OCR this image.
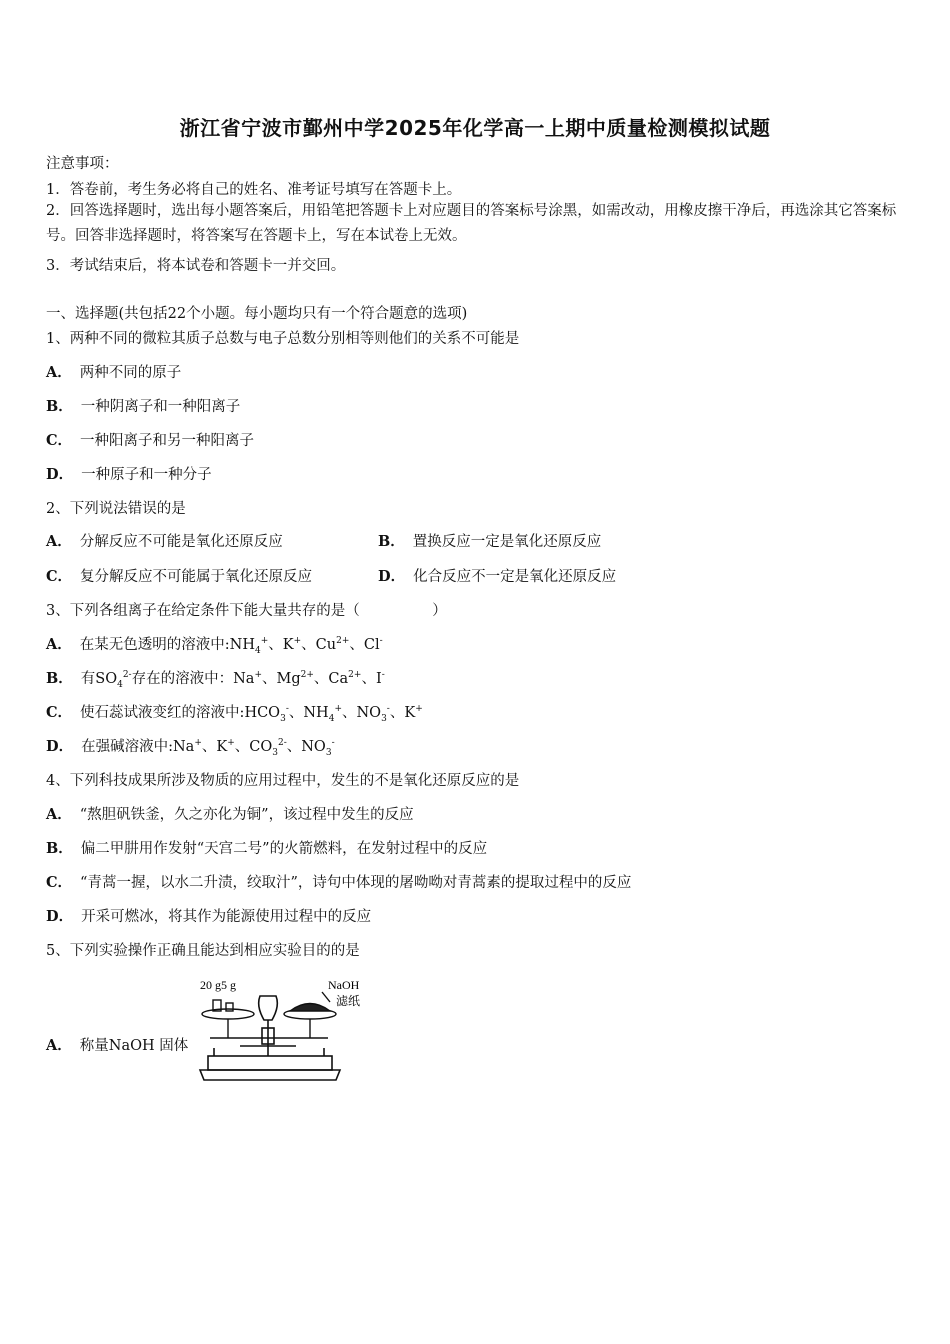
浙江省宁波市鄞州中学2025年化学高一上期中质量检测模拟试题
注意事项：
1．答卷前，考生务必将自己的姓名、准考证号填写在答题卡上。
2．回答选择题时，选出每小题答案后，用铅笔把答题卡上对应题目的答案标号涂黑，如需改动，用橡皮擦干净后，再选涂其它答案标号。回答非选择题时，将答案写在答题卡上，写在本试卷上无效。
3．考试结束后，将本试卷和答题卡一并交回。
一、选择题(共包括22个小题。每小题均只有一个符合题意的选项)
1、两种不同的微粒其质子总数与电子总数分别相等则他们的关系不可能是
A． 两种不同的原子
B． 一种阴离子和一种阳离子
C． 一种阳离子和另一种阳离子
D． 一种原子和一种分子
2、下列说法错误的是
A． 分解反应不可能是氧化还原反应	B． 置换反应一定是氧化还原反应
C． 复分解反应不可能属于氧化还原反应	D． 化合反应不一定是氧化还原反应
3、下列各组离子在给定条件下能大量共存的是（　　　　　）
A． 在某无色透明的溶液中$:NH_4^+$、K+、$Cu^{2+}$、Cl-
B． 有$SO_4^{2-}$存在的溶液中：Na+、$Mg^{2+}$、$Ca^{2+}$、I-
C． 使石蕊试液变红的溶液中$:HCO_3^-$、$NH_4^+$、$NO_3^-$、K+
D． 在强碱溶液中:Na+、K+、$CO_3^{2-}$、$NO_3^-$
4、下列科技成果所涉及物质的应用过程中，发生的不是氧化还原反应的是
A． “熬胆矾铁釜，久之亦化为铜”，该过程中发生的反应
B． 偏二甲肼用作发射“天宫二号”的火箭燃料，在发射过程中的反应
C． “青蒿一握，以水二升渍，绞取汁”，诗句中体现的屠呦呦对青蒿素的提取过程中的反应
D． 开采可燃冰，将其作为能源使用过程中的反应
5、下列实验操作正确且能达到相应实验目的的是
A． 称量NaOH 固体
20 g5 g	NaOH
滤纸
